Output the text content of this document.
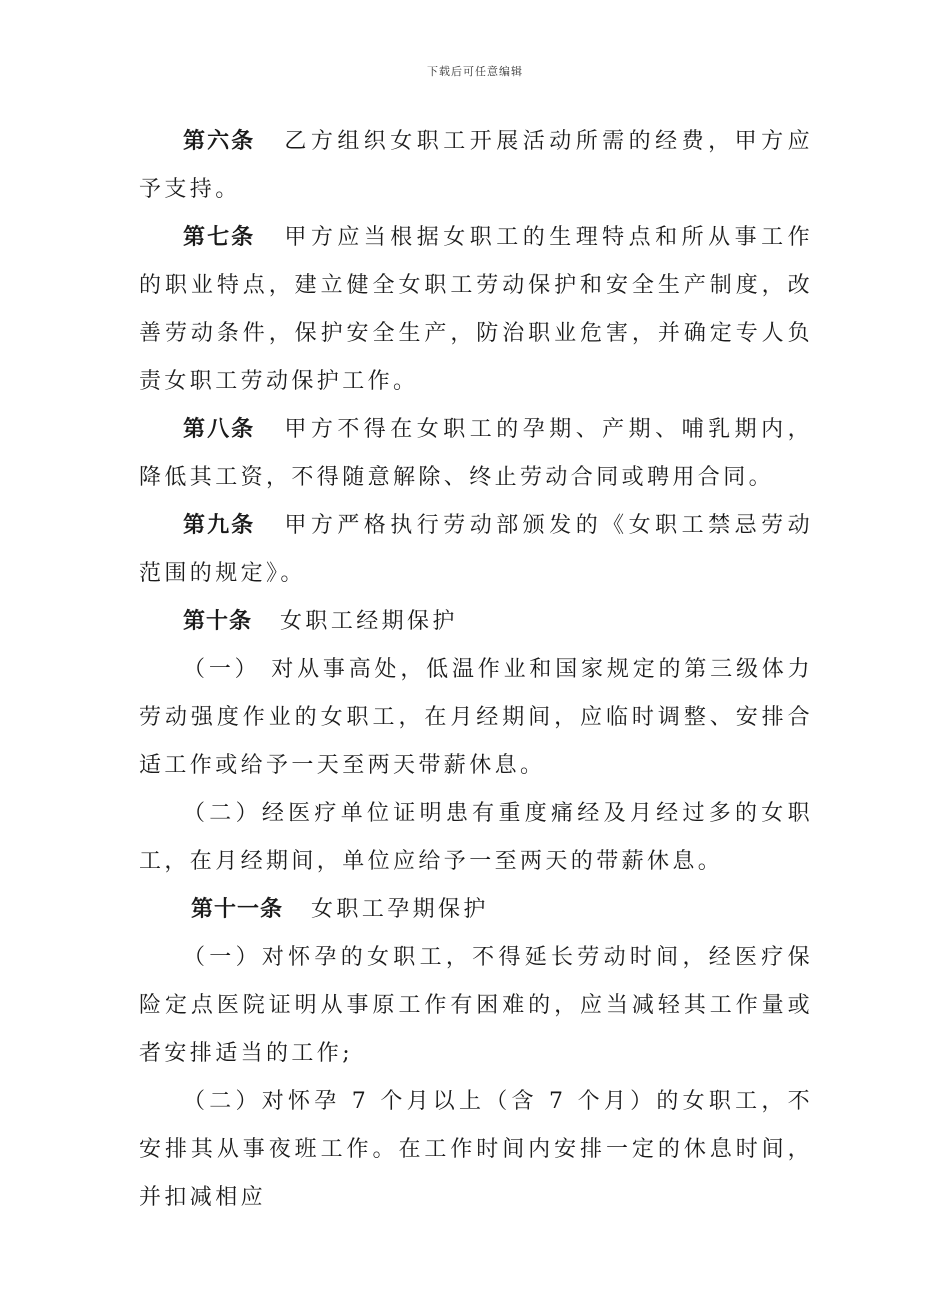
下载后可任意编辑

第六条 乙方组织女职工开展活动所需的经费，甲方应予支持。

第七条 甲方应当根据女职工的生理特点和所从事工作的职业特点，建立健全女职工劳动保护和安全生产制度，改善劳动条件，保护安全生产，防治职业危害，并确定专人负责女职工劳动保护工作。

第八条 甲方不得在女职工的孕期、产期、哺乳期内，降低其工资，不得随意解除、终止劳动合同或聘用合同。

第九条 甲方严格执行劳动部颁发的《女职工禁忌劳动范围的规定》。

第十条 女职工经期保护

（一） 对从事高处，低温作业和国家规定的第三级体力劳动强度作业的女职工，在月经期间，应临时调整、安排合适工作或给予一天至两天带薪休息。

（二）经医疗单位证明患有重度痛经及月经过多的女职工，在月经期间，单位应给予一至两天的带薪休息。

第十一条 女职工孕期保护

（一）对怀孕的女职工，不得延长劳动时间，经医疗保险定点医院证明从事原工作有困难的，应当减轻其工作量或者安排适当的工作;

（二）对怀孕 7 个月以上（含 7 个月）的女职工，不安排其从事夜班工作。在工作时间内安排一定的休息时间，并扣减相应
